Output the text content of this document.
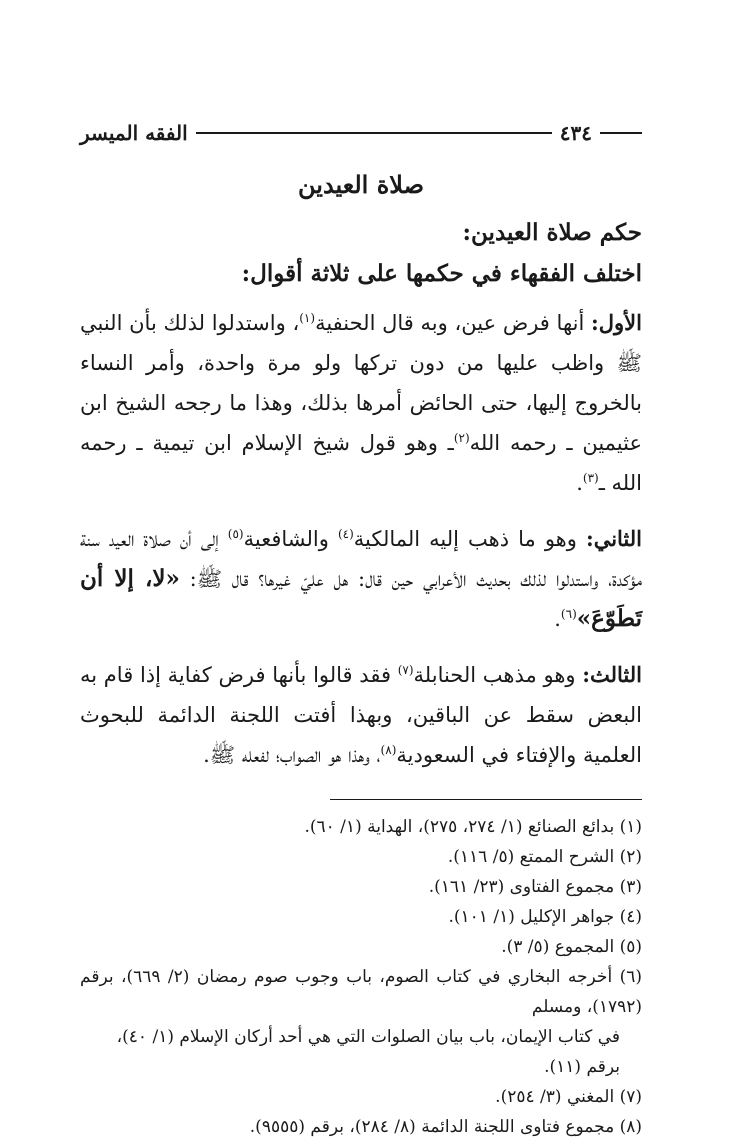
٤٣٤
الفقه الميسر
صلاة العيدين
حكم صلاة العيدين:

اختلف الفقهاء في حكمها على ثلاثة أقوال:

الأول: أنها فرض عين، وبه قال الحنفية$^{(١)}$، واستدلوا لذلك بأن النبي ﷺ واظب عليها من دون تركها ولو مرة واحدة، وأمر النساء بالخروج إليها، حتى الحائض أمرها بذلك، وهذا ما رجحه الشيخ ابن عثيمين ـ رحمه الله$^{(٢)}$ـ وهو قول شيخ الإسلام ابن تيمية ـ رحمه الله ـ$^{(٣)}$.

الثاني: وهو ما ذهب إليه المالكية$^{(٤)}$ والشافعية$^{(٥)}$ إلى أن صلاة العيد سنة مؤكدة، واستدلوا لذلك بحديث الأعرابي حين قال: هل عليّ غيرها؟ قال ﷺ: «لا، إلا أن تَطَوّعَ»$^{(٦)}$.

الثالث: وهو مذهب الحنابلة$^{(٧)}$ فقد قالوا بأنها فرض كفاية إذا قام به البعض سقط عن الباقين، وبهذا أفتت اللجنة الدائمة للبحوث العلمية والإفتاء في السعودية$^{(٨)}$، وهذا هو الصواب؛ لفعله ﷺ.

(١) بدائع الصنائع (١/ ٢٧٤، ٢٧٥)، الهداية (١/ ٦٠).

(٢) الشرح الممتع (٥/ ١١٦).

(٣) مجموع الفتاوى (٢٣/ ١٦١).

(٤) جواهر الإكليل (١/ ١٠١).

(٥) المجموع (٥/ ٣).

(٦) أخرجه البخاري في كتاب الصوم، باب وجوب صوم رمضان (٢/ ٦٦٩)، برقم (١٧٩٢)، ومسلم

في كتاب الإيمان، باب بيان الصلوات التي هي أحد أركان الإسلام (١/ ٤٠)، برقم (١١).

(٧) المغني (٣/ ٢٥٤).

(٨) مجموع فتاوى اللجنة الدائمة (٨/ ٢٨٤)، برقم (٩٥٥٥).
